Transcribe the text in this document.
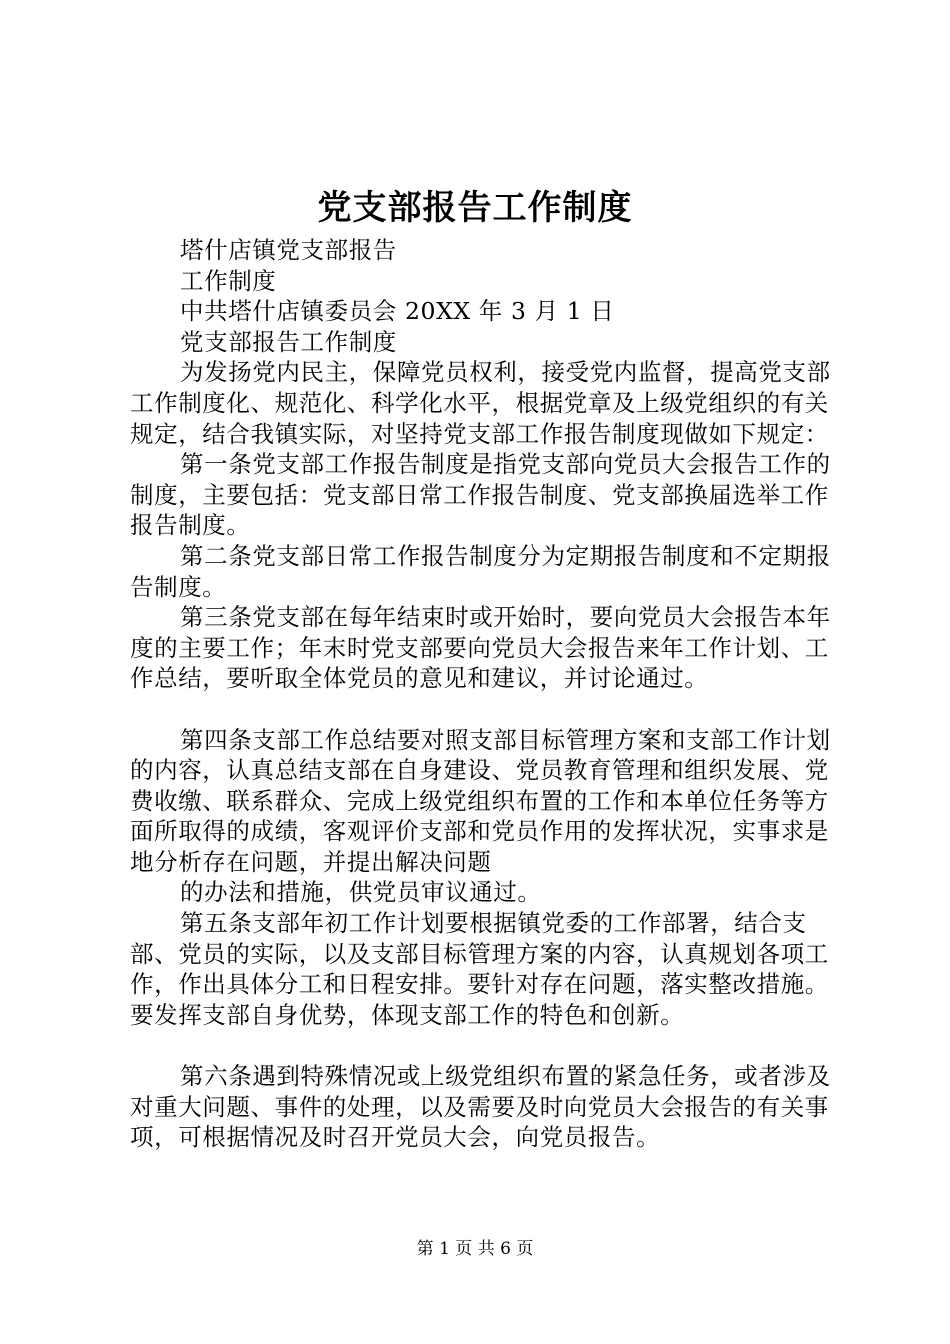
党支部报告工作制度

塔什店镇党支部报告

工作制度

中共塔什店镇委员会 20XX 年 3 月 1 日

党支部报告工作制度

为发扬党内民主，保障党员权利，接受党内监督，提高党支部工作制度化、规范化、科学化水平，根据党章及上级党组织的有关规定，结合我镇实际，对坚持党支部工作报告制度现做如下规定：

第一条党支部工作报告制度是指党支部向党员大会报告工作的制度，主要包括：党支部日常工作报告制度、党支部换届选举工作报告制度。

第二条党支部日常工作报告制度分为定期报告制度和不定期报告制度。

第三条党支部在每年结束时或开始时，要向党员大会报告本年度的主要工作；年末时党支部要向党员大会报告来年工作计划、工作总结，要听取全体党员的意见和建议，并讨论通过。

第四条支部工作总结要对照支部目标管理方案和支部工作计划的内容，认真总结支部在自身建设、党员教育管理和组织发展、党费收缴、联系群众、完成上级党组织布置的工作和本单位任务等方面所取得的成绩，客观评价支部和党员作用的发挥状况，实事求是地分析存在问题，并提出解决问题

的办法和措施，供党员审议通过。

第五条支部年初工作计划要根据镇党委的工作部署，结合支部、党员的实际，以及支部目标管理方案的内容，认真规划各项工作，作出具体分工和日程安排。要针对存在问题，落实整改措施。要发挥支部自身优势，体现支部工作的特色和创新。

第六条遇到特殊情况或上级党组织布置的紧急任务，或者涉及对重大问题、事件的处理，以及需要及时向党员大会报告的有关事项，可根据情况及时召开党员大会，向党员报告。

第 1 页 共 6 页
